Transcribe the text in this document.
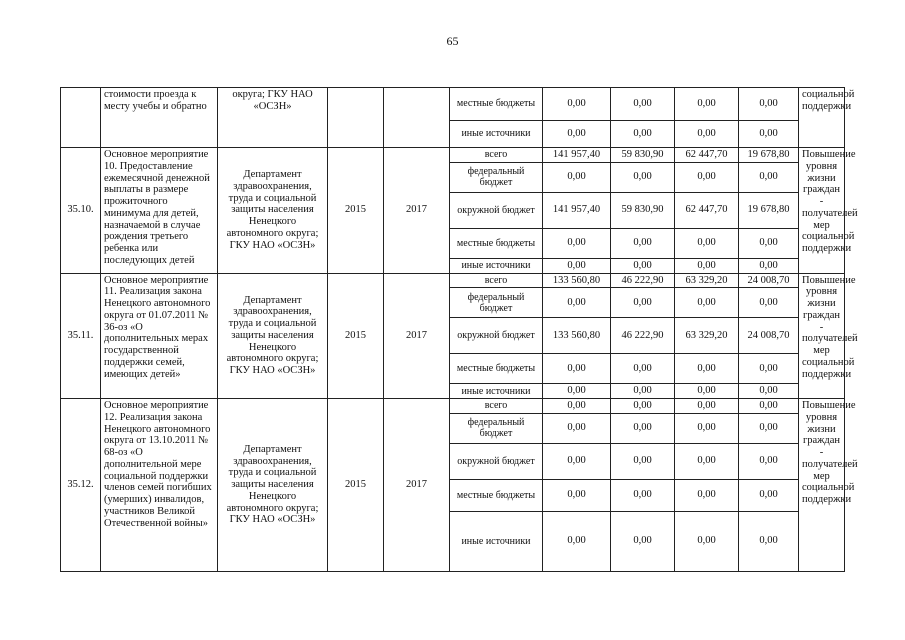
65
	стоимости проезда к месту учебы и обратно	округа; ГКУ НАО «ОСЗН»			местные бюджеты	0,00	0,00	0,00	0,00	социальной поддержки
					иные источники	0,00	0,00	0,00	0,00	
35.10.	Основное мероприятие 10. Предоставление ежемесячной денежной выплаты в размере прожиточного минимума для детей, назначаемой в случае рождения третьего ребенка или последующих детей	Департамент здравоохранения, труда и социальной защиты населения Ненецкого автономного округа; ГКУ НАО «ОСЗН»	2015	2017	всего	141 957,40	59 830,90	62 447,70	19 678,80	Повышение уровня жизни граждан - получателей мер социальной поддержки
					федеральный бюджет	0,00	0,00	0,00	0,00	
					окружной бюджет	141 957,40	59 830,90	62 447,70	19 678,80	
					местные бюджеты	0,00	0,00	0,00	0,00	
					иные источники	0,00	0,00	0,00	0,00	
35.11.	Основное мероприятие 11. Реализация закона Ненецкого автономного округа от 01.07.2011 № 36-оз «О дополнительных мерах государственной поддержки семей, имеющих детей»	Департамент здравоохранения, труда и социальной защиты населения Ненецкого автономного округа; ГКУ НАО «ОСЗН»	2015	2017	всего	133 560,80	46 222,90	63 329,20	24 008,70	Повышение уровня жизни граждан - получателей мер социальной поддержки
					федеральный бюджет	0,00	0,00	0,00	0,00	
					окружной бюджет	133 560,80	46 222,90	63 329,20	24 008,70	
					местные бюджеты	0,00	0,00	0,00	0,00	
					иные источники	0,00	0,00	0,00	0,00	
35.12.	Основное мероприятие 12. Реализация закона Ненецкого автономного округа от 13.10.2011 № 68-оз «О дополнительной мере социальной поддержки членов семей погибших (умерших) инвалидов, участников Великой Отечественной войны»	Департамент здравоохранения, труда и социальной защиты населения Ненецкого автономного округа; ГКУ НАО «ОСЗН»	2015	2017	всего	0,00	0,00	0,00	0,00	Повышение уровня жизни граждан - получателей мер социальной поддержки
					федеральный бюджет	0,00	0,00	0,00	0,00	
					окружной бюджет	0,00	0,00	0,00	0,00	
					местные бюджеты	0,00	0,00	0,00	0,00	
					иные источники	0,00	0,00	0,00	0,00	
